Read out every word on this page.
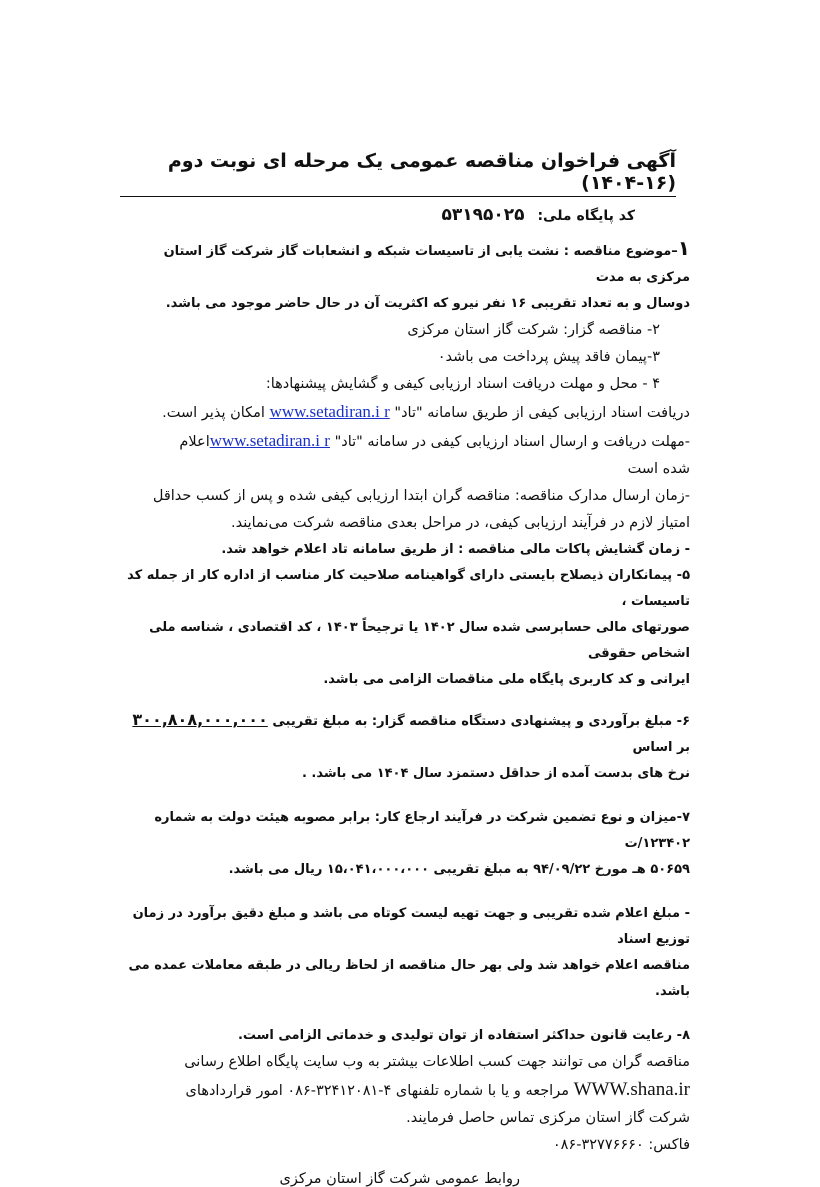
آگهی فراخوان مناقصه عمومی یک مرحله ای نوبت دوم (۱۶-۱۴۰۴)
کد پایگاه ملی: ۵۳۱۹۵۰۲۵

۱–موضوع مناقصه : نشت یابی از تاسیسات شبکه و انشعابات گاز شرکت گاز استان مرکزی به مدت

دوسال و به تعداد تقریبی ۱۶ نفر نیرو که اکثریت آن در حال حاضر موجود می باشد.

۲- مناقصه گزار: شرکت گاز استان مرکزی

۳-پیمان فاقد پیش پرداخت می باشد٠

۴ - محل و مهلت دریافت اسناد ارزیابی کیفی و گشایش پیشنهادها:

دریافت اسناد ارزیابی کیفی از طریق سامانه "تاد" www.setadiran.i r امکان پذیر است.

-مهلت دریافت و ارسال اسناد ارزیابی کیفی در سامانه "تاد" www.setadiran.i rاعلام

شده است

-زمان ارسال مدارک مناقصه: مناقصه گران ابتدا ارزیابی کیفی شده و پس از کسب حداقل

امتیاز لازم در فرآیند ارزیابی کیفی، در مراحل بعدی مناقصه شرکت می‌نمایند.

- زمان گشایش پاکات مالی مناقصه : از طریق سامانه تاد اعلام خواهد شد.

۵- پیمانکاران ذیصلاح بایستی دارای گواهینامه صلاحیت کار مناسب از اداره کار از جمله کد تاسیسات ،

صورتهای مالی حسابرسی شده سال ۱۴۰۲ یا ترجیحاً ۱۴۰۳ ، کد اقتصادی ، شناسه ملی اشخاص حقوقی

ایرانی و کد کاربری پایگاه ملی مناقصات الزامی می باشد.

۶- مبلغ برآوردی و پیشنهادی دستگاه مناقصه گزار: به مبلغ تقریبی ۳۰۰,۸۰۸,۰۰۰,۰۰۰ بر اساس

نرخ های بدست آمده از حداقل دستمزد سال ۱۴۰۴ می باشد. .

۷-میزان و نوع تضمین شرکت در فرآیند ارجاع کار: برابر مصوبه هیئت دولت به شماره ۱۲۳۴۰۲/ت

۵۰۶۵۹ هـ مورخ ۹۴/۰۹/۲۲ به مبلغ تقریبی ۱۵،۰۴۱،۰۰۰،۰۰۰ ریال می باشد.

- مبلغ اعلام شده تقریبی و جهت تهیه لیست کوتاه می باشد و مبلغ دقیق برآورد در زمان توزیع اسناد

مناقصه اعلام خواهد شد ولی بهر حال مناقصه از لحاظ ریالی در طبقه معاملات عمده می باشد.

۸- رعایت قانون حداکثر استفاده از توان تولیدی و خدماتی الزامی است.

مناقصه گران می توانند جهت کسب اطلاعات بیشتر به وب سایت پایگاه اطلاع رسانی

WWW.shana.ir مراجعه و یا با شماره تلفنهای ۴-۳۲۴۱۲۰۸۱-۰۸۶ امور قراردادهای

شرکت گاز استان مرکزی تماس حاصل فرمایند.

فاکس: ۳۲۷۷۶۶۶۰-۰۸۶

روابط عمومی شرکت گاز استان مرکزی
